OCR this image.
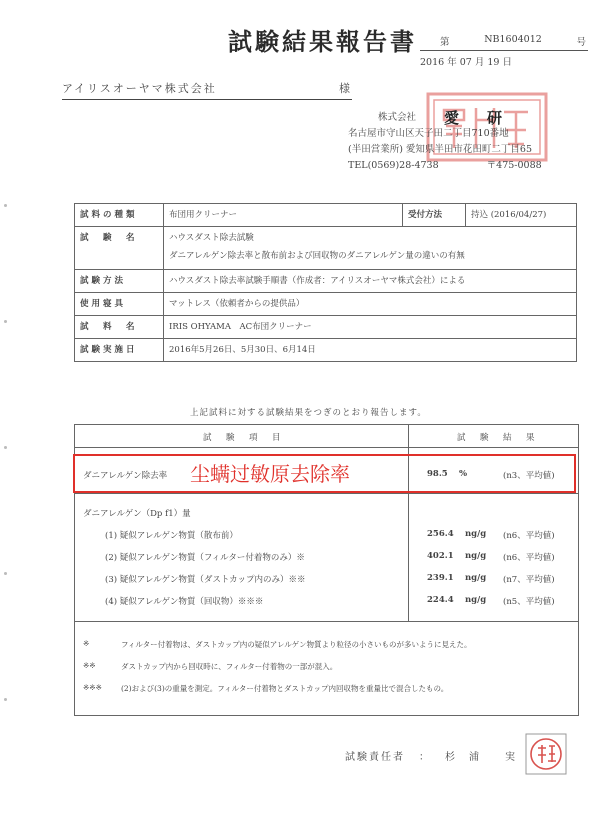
試験結果報告書 第	NB1604012	号
2016 年 07 月 19 日
アイリスオーヤマ株式会社	様
株式会社 愛 研
名古屋市守山区天子田二丁目710番地
(半田営業所) 愛知県半田市花田町二丁目65
TEL(0569)28-4738	〒475-0088
試料の種類	布団用クリーナー	受付方法	持込 (2016/04/27)
試　験　名	ハウスダスト除去試験
ダニアレルゲン除去率と散布前および回収物のダニアレルゲン量の違いの有無		

試験方法	ハウスダスト除去率試験手順書（作成者：アイリスオーヤマ株式会社）による		
使用寝具	マットレス（依頼者からの提供品）		
試　料　名	IRIS OHYAMA　AC布団クリーナー		
試験実施日	2016年5月26日、5月30日、6月14日		
上記試料に対する試験結果をつぎのとおり報告します。
試　験　項　目	試　験　結　果
ダニアレルゲン除去率	98.5 %	(n3、平均値)
ダニアレルゲン（Dp f1）量
(1) 疑似アレルゲン物質（散布前）	256.4 ng/g (n6、平均値)
(2) 疑似アレルゲン物質（フィルター付着物のみ）※	402.1 ng/g (n6、平均値)
(3) 疑似アレルゲン物質（ダストカップ内のみ）※※	239.1 ng/g (n7、平均値)
(4) 疑似アレルゲン物質（回収物）※※※	224.4 ng/g (n5、平均値)
※	フィルター付着物は、ダストカップ内の疑似アレルゲン物質より粒径の小さいものが多いように見えた。
※※	ダストカップ内から回収時に、フィルター付着物の一部が混入。
※※※	(2)および(3)の重量を測定。フィルター付着物とダストカップ内回収物を重量比で混合したもの。
尘螨过敏原去除率
試験責任者 ： 杉　浦　　実
